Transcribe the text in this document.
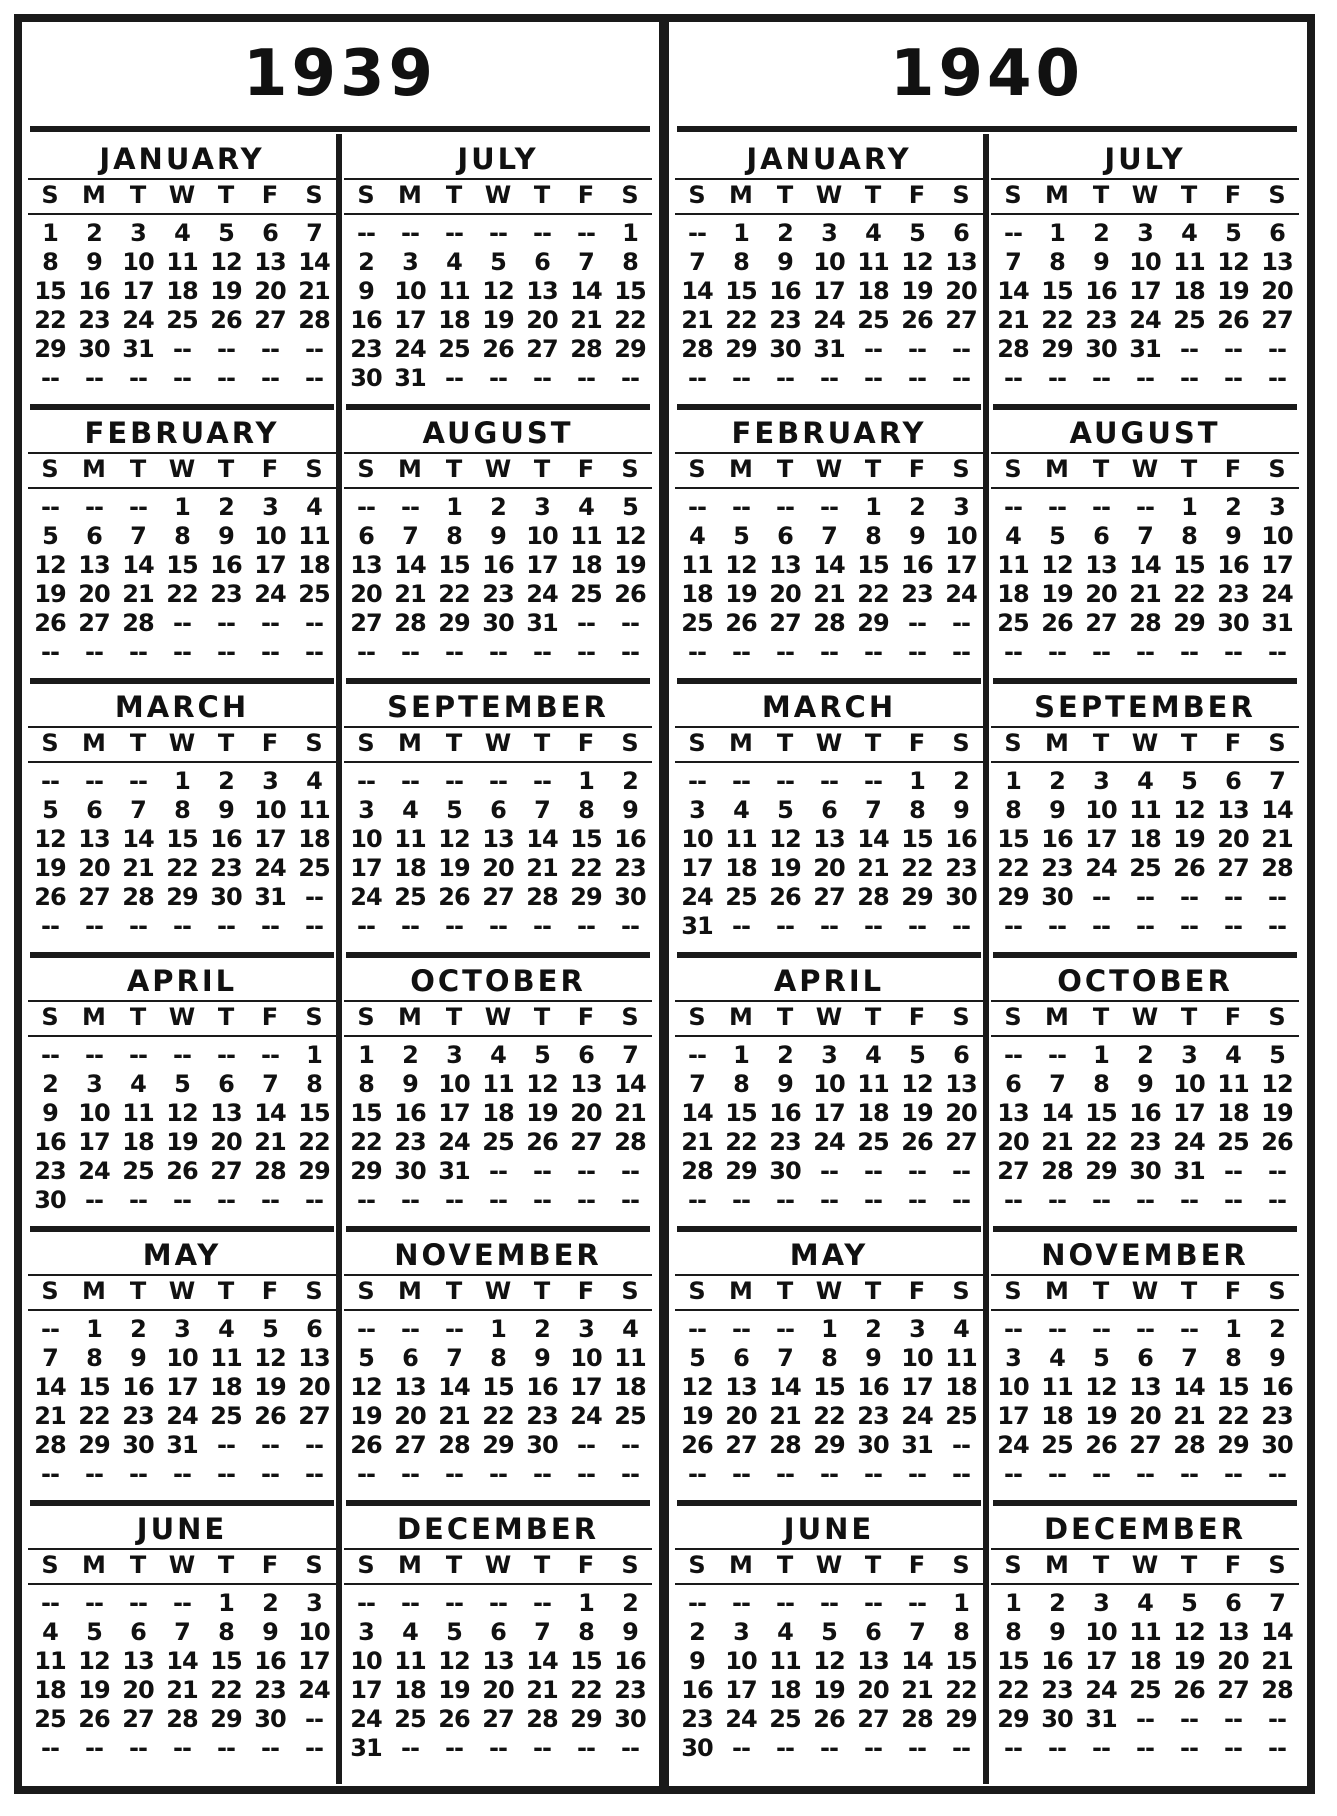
1939
JANUARY
S M T W T	F	S
1	2	3	4	5	6	7
8	9 10 11 12 13 14
15 16 17 18 19 20 21
22 23 24 25 26 27 28
29 30 31 --	--	--	--
--	--	--	--	--	--	--
FEBRUARY
S M T W T	F	S
--	--	--	1	2	3	4
5	6	7	8	9 10 11
12 13 14 15 16 17 18
19 20 21 22 23 24 25
26 27 28 --	--	--	--
--	--	--	--	--	--	--
MARCH
S M T W T	F	S
--	--	--	1	2	3	4
5	6	7	8	9 10 11
12 13 14 15 16 17 18
19 20 21 22 23 24 25
26 27 28 29 30 31 --
--	--	--	--	--	--	--
APRIL
S M T W T	F	S
--	--	--	--	--	--	1
2	3	4	5	6	7	8
9 10 11 12 13 14 15
16 17 18 19 20 21 22
23 24 25 26 27 28 29
30 --	--	--	--	--	--
MAY
S M T W T	F	S
--	1	2	3	4	5	6
7	8	9 10 11 12 13
14 15 16 17 18 19 20
21 22 23 24 25 26 27
28 29 30 31 --	--	--
--	--	--	--	--	--	--
JUNE
S M T W T	F	S
--	--	--	--	1	2	3
4	5	6	7	8	9 10
11 12 13 14 15 16 17
18 19 20 21 22 23 24
25 26 27 28 29 30 --
--	--	--	--	--	--	--
JULY
S M T W T	F	S
--	--	--	--	--	--	1
2	3	4	5	6	7	8
9 10 11 12 13 14 15
16 17 18 19 20 21 22
23 24 25 26 27 28 29
30 31 --	--	--	--	--
AUGUST
S M T W T	F	S
--	--	1	2	3	4	5
6	7	8	9 10 11 12
13 14 15 16 17 18 19
20 21 22 23 24 25 26
27 28 29 30 31 --	--
--	--	--	--	--	--	--
SEPTEMBER
S M T W T	F	S
--	--	--	--	--	1	2
3	4	5	6	7	8	9
10 11 12 13 14 15 16
17 18 19 20 21 22 23
24 25 26 27 28 29 30
--	--	--	--	--	--	--
OCTOBER
S M T W T	F	S
1	2	3	4	5	6	7
8	9 10 11 12 13 14
15 16 17 18 19 20 21
22 23 24 25 26 27 28
29 30 31 --	--	--	--
--	--	--	--	--	--	--
NOVEMBER
S M T W T	F	S
--	--	--	1	2	3	4
5	6	7	8	9 10 11
12 13 14 15 16 17 18
19 20 21 22 23 24 25
26 27 28 29 30 --	--
--	--	--	--	--	--	--
DECEMBER
S M T W T	F	S
--	--	--	--	--	1	2
3	4	5	6	7	8	9
10 11 12 13 14 15 16
17 18 19 20 21 22 23
24 25 26 27 28 29 30
31 --	--	--	--	--	--
1940
JANUARY
S M T W T	F	S
--	1	2	3	4	5	6
7	8	9 10 11 12 13
14 15 16 17 18 19 20
21 22 23 24 25 26 27
28 29 30 31 --	--	--
--	--	--	--	--	--	--
FEBRUARY
S M T W T	F	S
--	--	--	--	1	2	3
4	5	6	7	8	9 10
11 12 13 14 15 16 17
18 19 20 21 22 23 24
25 26 27 28 29 --	--
--	--	--	--	--	--	--
MARCH
S M T W T	F	S
--	--	--	--	--	1	2
3	4	5	6	7	8	9
10 11 12 13 14 15 16
17 18 19 20 21 22 23
24 25 26 27 28 29 30
31 --	--	--	--	--	--
APRIL
S M T W T	F	S
--	1	2	3	4	5	6
7	8	9 10 11 12 13
14 15 16 17 18 19 20
21 22 23 24 25 26 27
28 29 30 --	--	--	--
--	--	--	--	--	--	--
MAY
S M T W T	F	S
--	--	--	1	2	3	4
5	6	7	8	9 10 11
12 13 14 15 16 17 18
19 20 21 22 23 24 25
26 27 28 29 30 31 --
--	--	--	--	--	--	--
JUNE
S M T W T	F	S
--	--	--	--	--	--	1
2	3	4	5	6	7	8
9 10 11 12 13 14 15
16 17 18 19 20 21 22
23 24 25 26 27 28 29
30 --	--	--	--	--	--
JULY
S M T W T	F	S
--	1	2	3	4	5	6
7	8	9 10 11 12 13
14 15 16 17 18 19 20
21 22 23 24 25 26 27
28 29 30 31 --	--	--
--	--	--	--	--	--	--
AUGUST
S M T W T	F	S
--	--	--	--	1	2	3
4	5	6	7	8	9 10
11 12 13 14 15 16 17
18 19 20 21 22 23 24
25 26 27 28 29 30 31
--	--	--	--	--	--	--
SEPTEMBER
S M T W T	F	S
1	2	3	4	5	6	7
8	9 10 11 12 13 14
15 16 17 18 19 20 21
22 23 24 25 26 27 28
29 30 --	--	--	--	--
--	--	--	--	--	--	--
OCTOBER
S M T W T	F	S
--	--	1	2	3	4	5
6	7	8	9 10 11 12
13 14 15 16 17 18 19
20 21 22 23 24 25 26
27 28 29 30 31 --	--
--	--	--	--	--	--	--
NOVEMBER
S M T W T	F	S
--	--	--	--	--	1	2
3	4	5	6	7	8	9
10 11 12 13 14 15 16
17 18 19 20 21 22 23
24 25 26 27 28 29 30
--	--	--	--	--	--	--
DECEMBER
S M T W T	F	S
1	2	3	4	5	6	7
8	9 10 11 12 13 14
15 16 17 18 19 20 21
22 23 24 25 26 27 28
29 30 31 --	--	--	--
--	--	--	--	--	--	--
